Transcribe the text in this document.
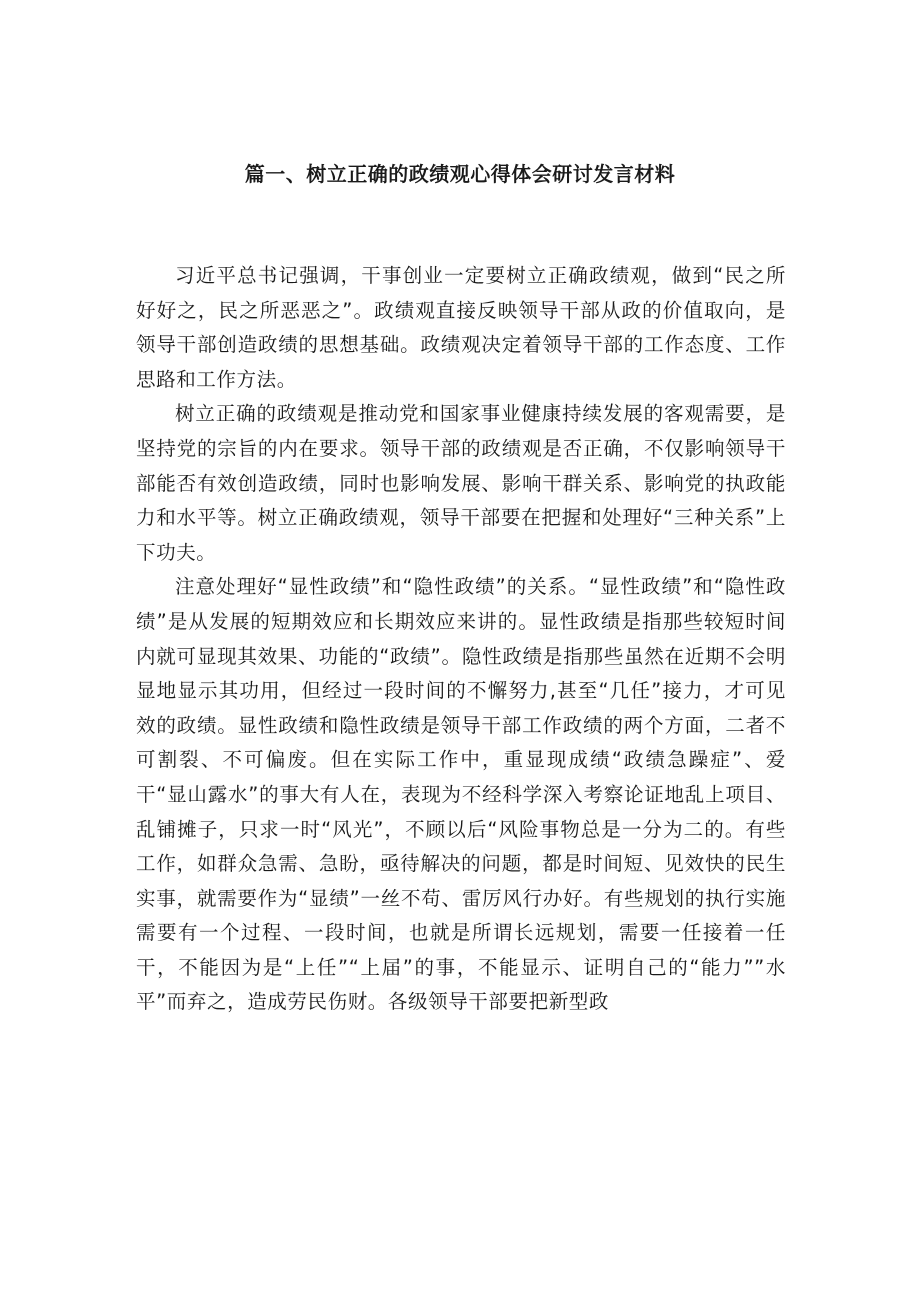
篇一、树立正确的政绩观心得体会研讨发言材料

习近平总书记强调，干事创业一定要树立正确政绩观，做到“民之所好好之，民之所恶恶之”。政绩观直接反映领导干部从政的价值取向，是领导干部创造政绩的思想基础。政绩观决定着领导干部的工作态度、工作思路和工作方法。

树立正确的政绩观是推动党和国家事业健康持续发展的客观需要，是坚持党的宗旨的内在要求。领导干部的政绩观是否正确，不仅影响领导干部能否有效创造政绩，同时也影响发展、影响干群关系、影响党的执政能力和水平等。树立正确政绩观，领导干部要在把握和处理好“三种关系”上下功夫。

注意处理好“显性政绩”和“隐性政绩”的关系。“显性政绩”和“隐性政绩”是从发展的短期效应和长期效应来讲的。显性政绩是指那些较短时间内就可显现其效果、功能的“政绩”。隐性政绩是指那些虽然在近期不会明显地显示其功用，但经过一段时间的不懈努力,甚至“几任”接力，才可见效的政绩。显性政绩和隐性政绩是领导干部工作政绩的两个方面，二者不可割裂、不可偏废。但在实际工作中，重显现成绩“政绩急躁症”、爱干“显山露水”的事大有人在，表现为不经科学深入考察论证地乱上项目、乱铺摊子，只求一时“风光”，不顾以后“风险事物总是一分为二的。有些工作，如群众急需、急盼，亟待解决的问题，都是时间短、见效快的民生实事，就需要作为“显绩”一丝不苟、雷厉风行办好。有些规划的执行实施需要有一个过程、一段时间，也就是所谓长远规划，需要一任接着一任干，不能因为是“上任”“上届”的事，不能显示、证明自己的“能力””水平”而弃之，造成劳民伤财。各级领导干部要把新型政
